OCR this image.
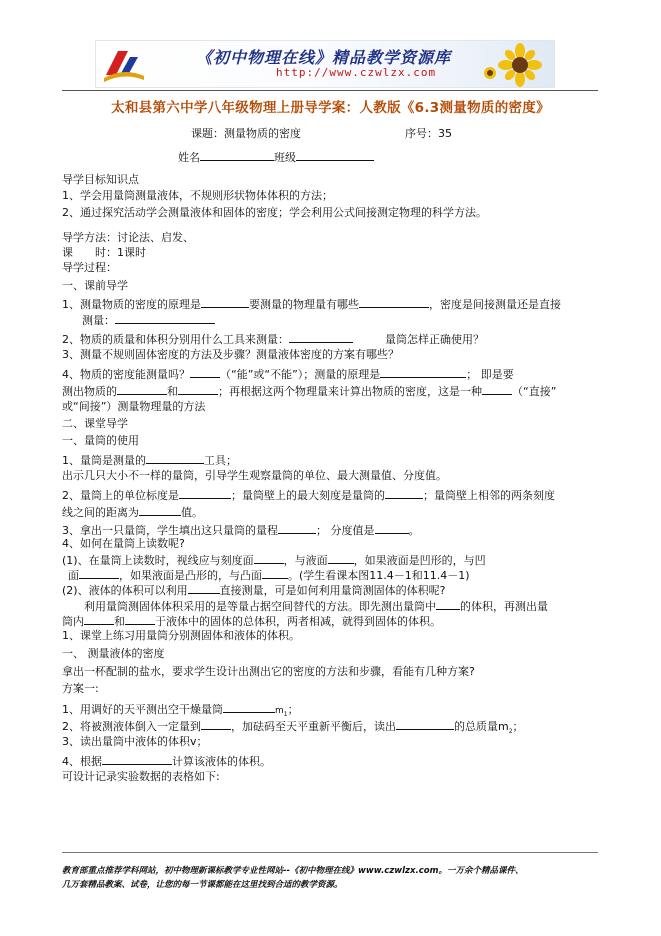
《初中物理在线》精品教学资源库
http://www.czwlzx.com
太和县第六中学八年级物理上册导学案：人教版《6.3测量物质的密度》
课题：测量物质的密度	序号：35
姓名	班级
导学目标知识点
1、学会用量筒测量液体，不规则形状物体体积的方法；
2、通过探究活动学会测量液体和固体的密度；学会利用公式间接测定物理的科学方法。
导学方法：讨论法、启发、
课 时：1课时
导学过程：
一、课前导学
1、测量物质的密度的原理是	要测量的物理量有哪些	，密度是间接测量还是直接
测量：
2、物质的质量和体积分别用什么工具来测量：	量筒怎样正确使用？
3、测量不规则固体密度的方法及步骤？测量液体密度的方案有哪些？
4、物质的密度能测量吗？	（“能”或“不能”）；测量的原理是	； 即是要
测出物质的	和	；再根据这两个物理量来计算出物质的密度，这是一种	（“直接”
或“间接”）测量物理量的方法
二、课堂导学
一、量筒的使用
1、量筒是测量的	工具；
出示几只大小不一样的量筒，引导学生观察量筒的单位、最大测量值、分度值。
2、量筒上的单位标度是	；量筒壁上的最大刻度是量筒的	；量筒壁上相邻的两条刻度
线之间的距离为	值。
3、拿出一只量筒，学生填出这只量筒的量程	； 分度值是	。
4、如何在量筒上读数呢?
(1)、在量筒上读数时，视线应与刻度面	，与液面 ，如果液面是凹形的，与凹
面	，如果液面是凸形的，与凸面 。(学生看课本图11.4－1和11.4－1)
(2)、液体的体积可以利用	直接测量，可是如何利用量筒测固体的体积呢?
利用量筒测固体体积采用的是等量占据空间替代的方法。即先测出量筒中 的体积，再测出量
筒内	和	于液体中的固体的总体积，两者相减，就得到固体的体积。
1、课堂上练习用量筒分别测固体和液体的体积。
一、 测量液体的密度
拿出一杯配制的盐水，要求学生设计出测出它的密度的方法和步骤，看能有几种方案?
方案一:
1、用调好的天平测出空干燥量筒	$m_1$；
2、将被测液体倒入一定量到	，加砝码至天平重新平衡后，读出	的总质量$m_2$；
3、读出量筒中液体的体积v；
4、根据	计算该液体的体积。
可设计记录实验数据的表格如下:
教育部重点推荐学科网站，初中物理新课标教学专业性网站--《初中物理在线》www.czwlzx.com。一万余个精品课件、
几万套精品教案、试卷，让您的每一节课都能在这里找到合适的教学资源。
